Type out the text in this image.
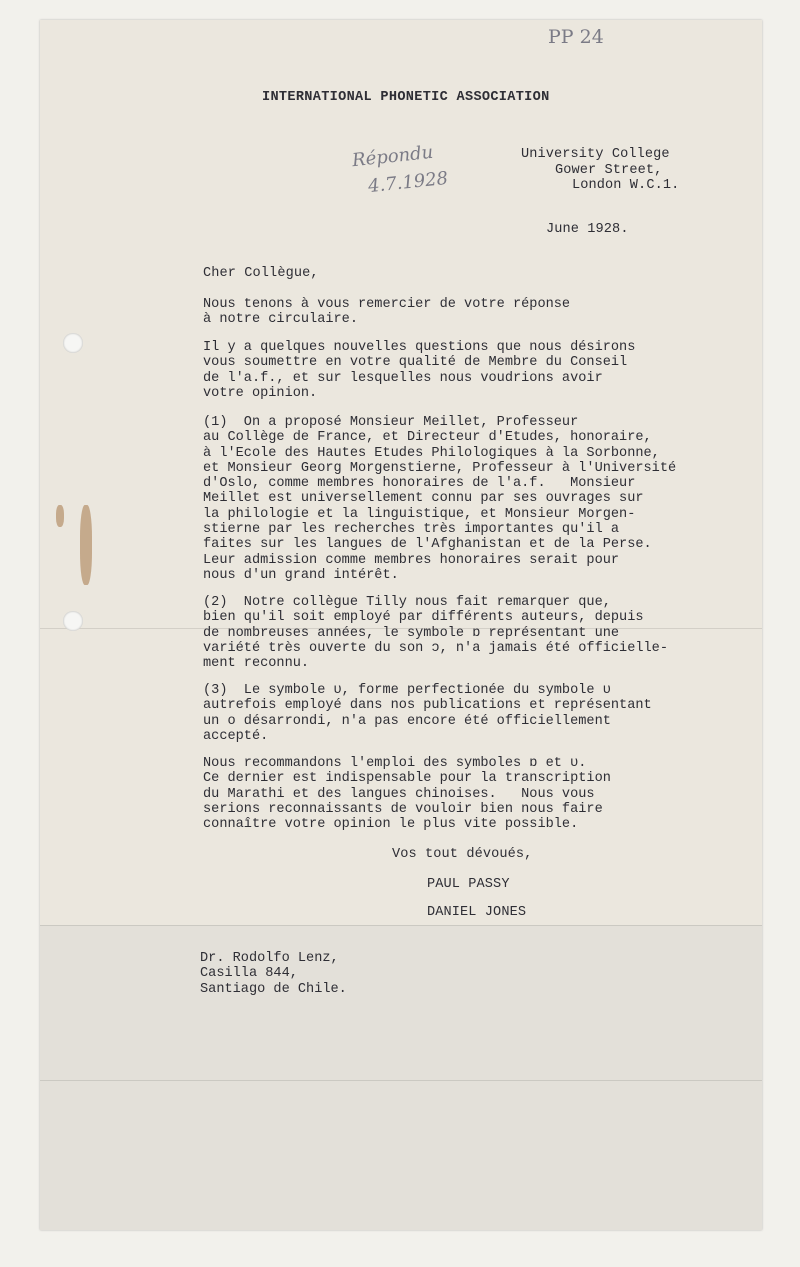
PP 24
INTERNATIONAL PHONETIC ASSOCIATION
Répondu
4.7.1928
University College
Gower Street,
London W.C.1.
June 1928.
Cher Collègue,
Nous tenons à vous remercier de votre réponse
à notre circulaire.
Il y a quelques nouvelles questions que nous désirons
vous soumettre en votre qualité de Membre du Conseil
de l'a.f., et sur lesquelles nous voudrions avoir
votre opinion.
(1)  On a proposé Monsieur Meillet, Professeur
au Collège de France, et Directeur d'Etudes, honoraire,
à l'Ecole des Hautes Etudes Philologiques à la Sorbonne,
et Monsieur Georg Morgenstierne, Professeur à l'Université
d'Oslo, comme membres honoraires de l'a.f.   Monsieur
Meillet est universellement connu par ses ouvrages sur
la philologie et la linguistique, et Monsieur Morgen-
stierne par les recherches très importantes qu'il a
faites sur les langues de l'Afghanistan et de la Perse.
Leur admission comme membres honoraires serait pour
nous d'un grand intérêt.
(2)  Notre collègue Tilly nous fait remarquer que,
bien qu'il soit employé par différents auteurs, depuis
de nombreuses années, le symbole ɒ représentant une
variété très ouverte du son ɔ, n'a jamais été officielle-
ment reconnu.
(3)  Le symbole ʋ, forme perfectionée du symbole ʋ
autrefois employé dans nos publications et représentant
un o désarrondi, n'a pas encore été officiellement
accepté.
Nous recommandons l'emploi des symboles ɒ et ʋ.
Ce dernier est indispensable pour la transcription
du Marathi et des langues chinoises.   Nous vous
serions reconnaissants de vouloir bien nous faire
connaître votre opinion le plus vite possible.
Vos tout dévoués,
PAUL PASSY
DANIEL JONES
Dr. Rodolfo Lenz,
Casilla 844,
Santiago de Chile.
